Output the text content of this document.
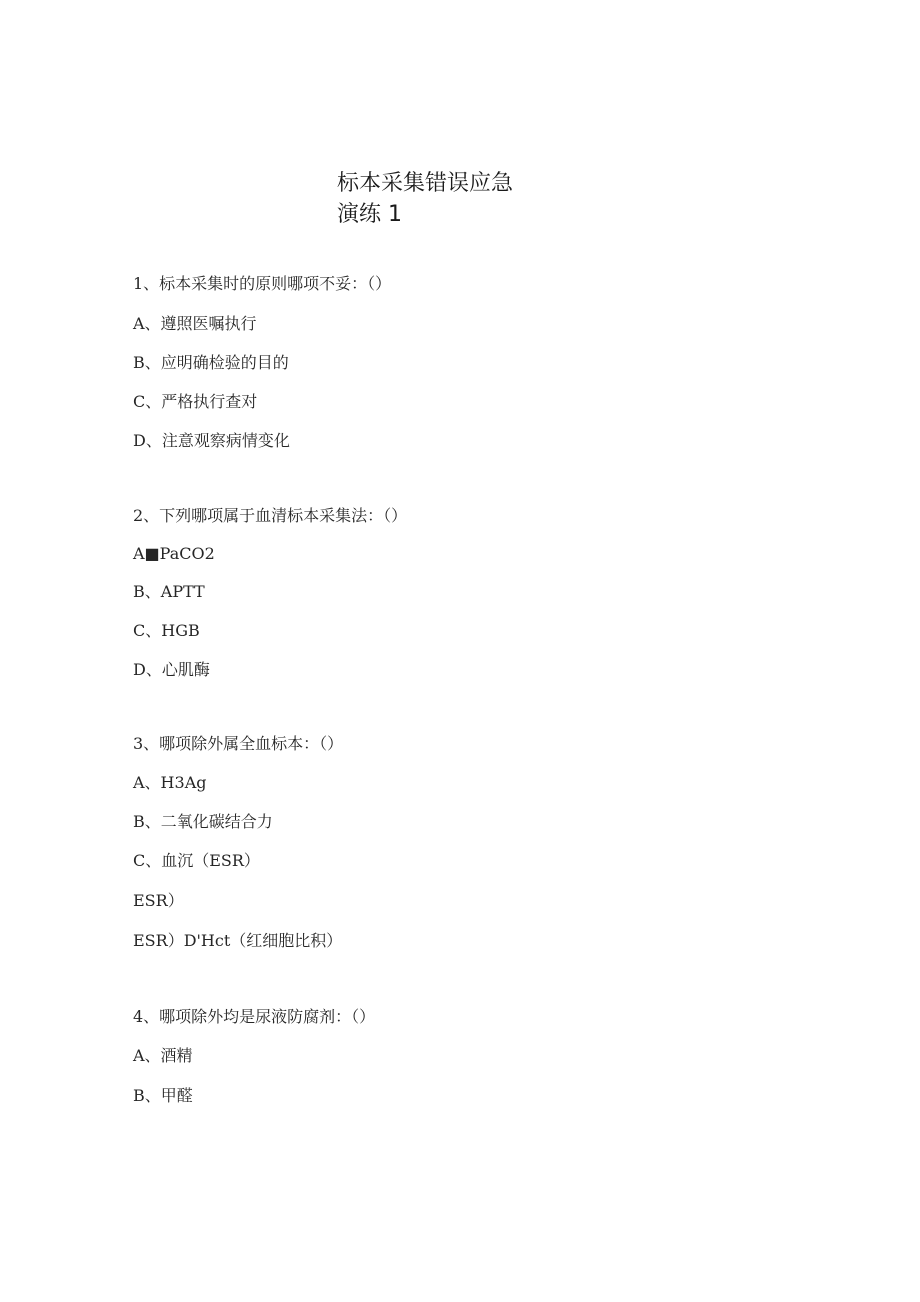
标本采集错误应急
演练 1
1、标本采集时的原则哪项不妥：（）
A、遵照医嘱执行
B、应明确检验的目的
C、严格执行查对
D、注意观察病情变化
2、下列哪项属于血清标本采集法：（）
A■PaCO2
B、APTT
C、HGB
D、心肌酶
3、哪项除外属全血标本：（）
A、H3Ag
B、二氧化碳结合力
C、血沉（ESR）
ESR）
ESR）D'Hct（红细胞比积）
4、哪项除外均是尿液防腐剂：（）
A、酒精
B、甲醛
